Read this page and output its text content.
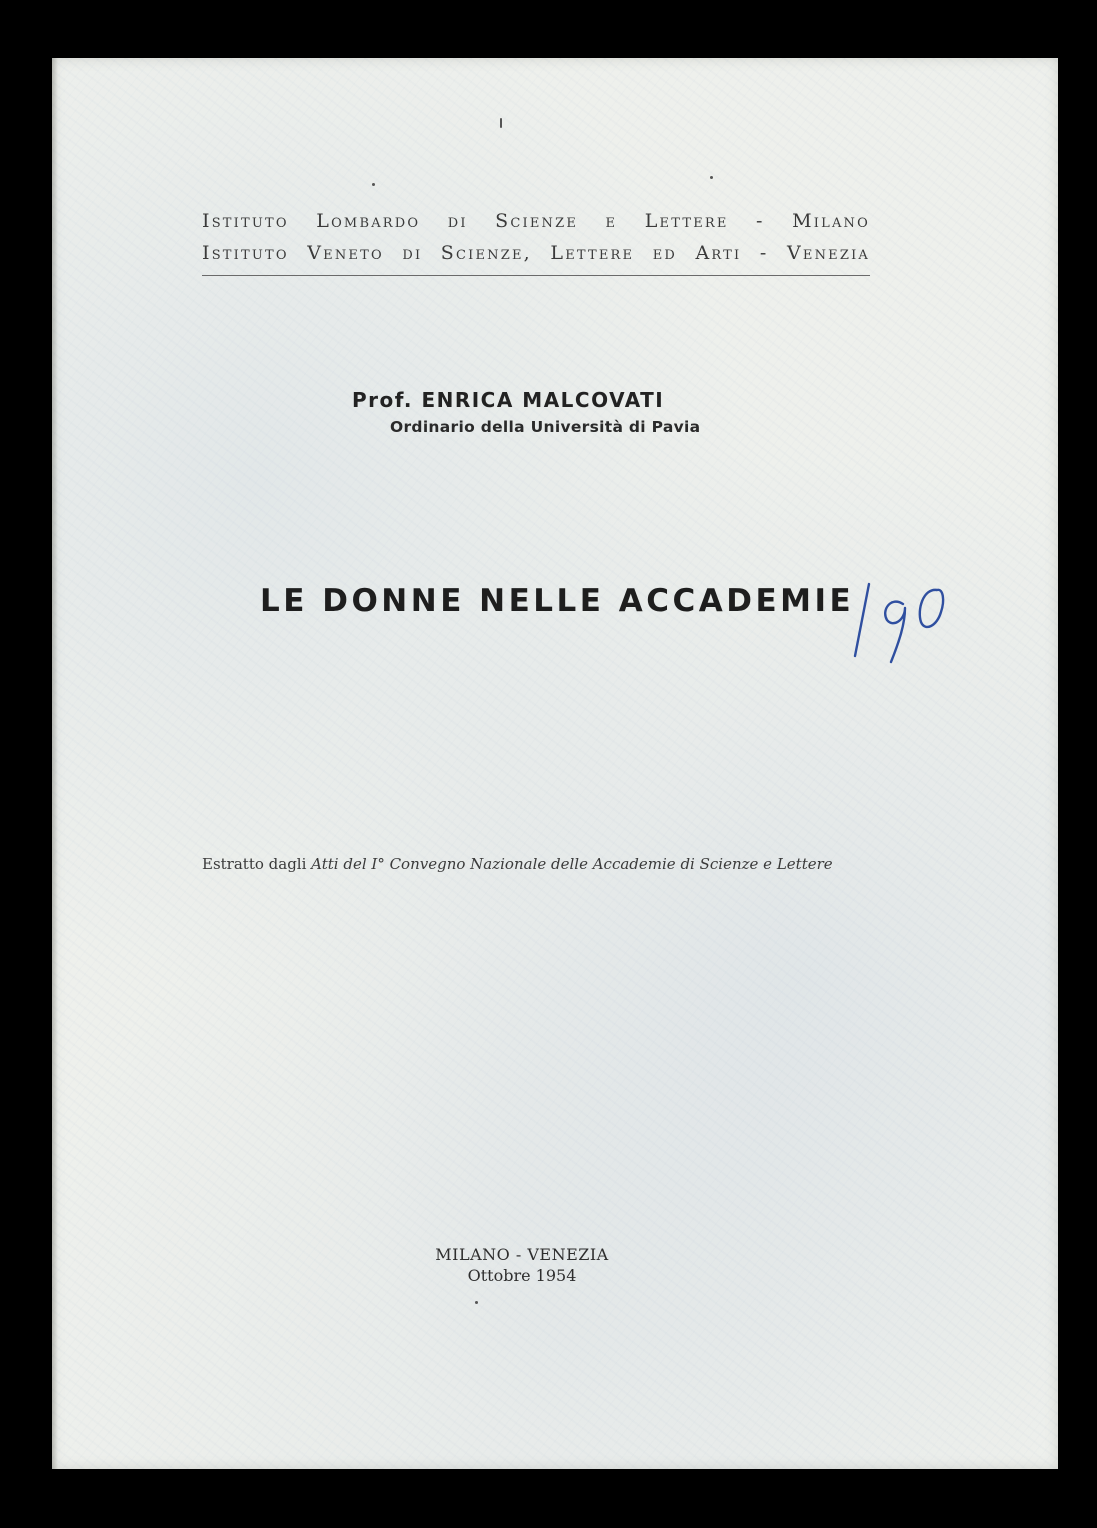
Istituto Lombardo di Scienze e Lettere - Milano
Istituto Veneto di Scienze, Lettere ed Arti - Venezia
Prof. ENRICA MALCOVATI
Ordinario della Università di Pavia
LE DONNE NELLE ACCADEMIE
Estratto dagli Atti del I° Convegno Nazionale delle Accademie di Scienze e Lettere
MILANO - VENEZIA
Ottobre 1954
